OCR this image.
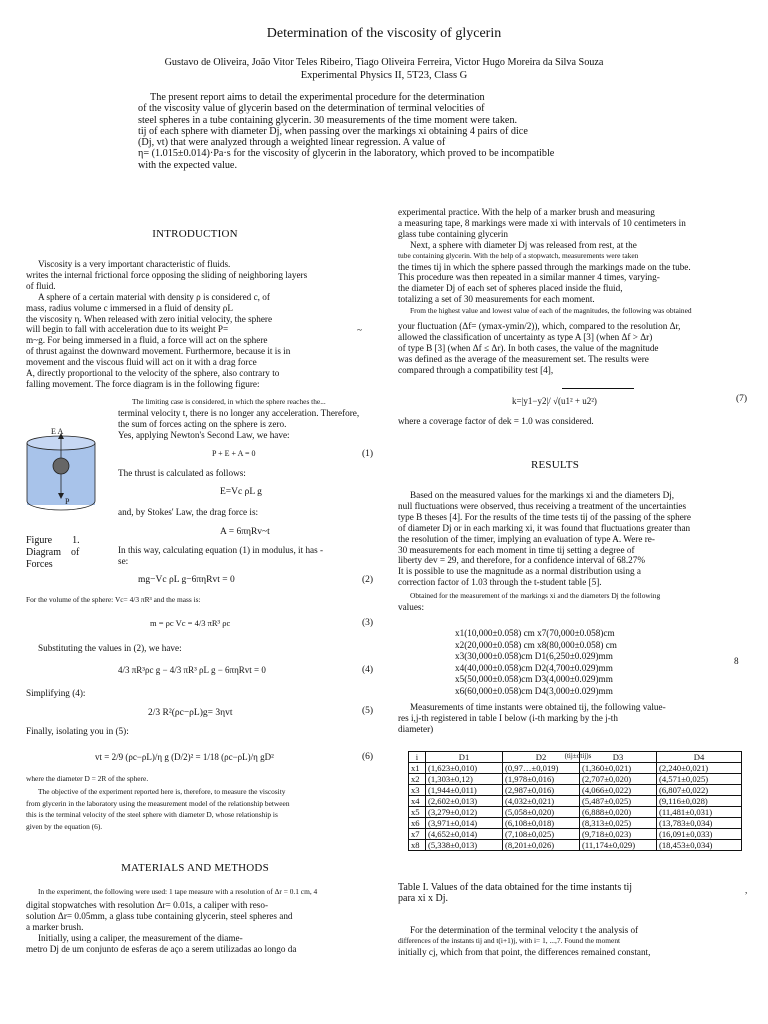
Determination of the viscosity of glycerin
Gustavo de Oliveira, João Vitor Teles Ribeiro, Tiago Oliveira Ferreira, Victor Hugo Moreira da Silva Souza
Experimental Physics II, 5T23, Class G

The present report aims to detail the experimental procedure for the determination

of the viscosity value of glycerin based on the determination of terminal velocities of

steel spheres in a tube containing glycerin. 30 measurements of the time moment were taken.

tij of each sphere with diameter Dj, when passing over the markings xi obtaining 4 pairs of dice

(Dj, vt) that were analyzed through a weighted linear regression. A value of

η= (1.015±0.014)·Pa·s for the viscosity of glycerin in the laboratory, which proved to be incompatible

with the expected value.

INTRODUCTION

Viscosity is a very important characteristic of fluids.

writes the internal frictional force opposing the sliding of neighboring layers

of fluid.

A sphere of a certain material with density ρ is considered c, of

mass, radius volume c immersed in a fluid of density ρL

the viscosity η. When released with zero initial velocity, the sphere

will begin to fall with acceleration due to its weight P=

m~g. For being immersed in a fluid, a force will act on the sphere

of thrust against the downward movement. Furthermore, because it is in

movement and the viscous fluid will act on it with a drag force

A, directly proportional to the velocity of the sphere, also contrary to

falling movement. The force diagram is in the following figure:

~
E A
P
Figure        1.
Diagram    of
Forces
The limiting case is considered, in which the sphere reaches the...

terminal velocity t, there is no longer any acceleration. Therefore,

the sum of forces acting on the sphere is zero.

Yes, applying Newton's Second Law, we have:

P + E + A = 0	(1)
The thrust is calculated as follows:
E=Vc ρL g
and, by Stokes' Law, the drag force is:
A = 6πηRv~t

In this way, calculating equation (1) in modulus, it has -

se:

mg−Vc ρL g−6πηRvt = 0	(2)
For the volume of the sphere: Vc= 4/3 πR³ and the mass is:
m = ρc Vc = 4/3 πR³ ρc	(3)
Substituting the values in (2), we have:
4/3 πR³ρc g − 4/3 πR³ ρL g − 6πηRvt = 0	(4)
Simplifying (4):
2/3 R²(ρc−ρL)g= 3ηvt	(5)
Finally, isolating you in (5):
vt = 2/9 (ρc−ρL)/η g (D/2)² = 1/18 (ρc−ρL)/η gD²	(6)
where the diameter D = 2R of the sphere.

The objective of the experiment reported here is, therefore, to measure the viscosity

from glycerin in the laboratory using the measurement model of the relationship between

this is the terminal velocity of the steel sphere with diameter D, whose relationship is

given by the equation (6).

MATERIALS AND METHODS

In the experiment, the following were used: 1 tape measure with a resolution of Δr = 0.1 cm, 4

digital stopwatches with resolution Δr= 0.01s, a caliper with reso-

solution Δr= 0.05mm, a glass tube containing glycerin, steel spheres and

a marker brush.

Initially, using a caliper, the measurement of the diame-

metro Dj de um conjunto de esferas de aço a serem utilizadas ao longo da

experimental practice. With the help of a marker brush and measuring

a measuring tape, 8 markings were made xi with intervals of 10 centimeters in

glass tube containing glycerin

Next, a sphere with diameter Dj was released from rest, at the

tube containing glycerin. With the help of a stopwatch, measurements were taken

the times tij in which the sphere passed through the markings made on the tube.

This procedure was then repeated in a similar manner 4 times, varying-

the diameter Dj of each set of spheres placed inside the fluid,

totalizing a set of 30 measurements for each moment.

From the highest value and lowest value of each of the magnitudes, the following was obtained

your fluctuation (Δf= (ymax-ymin/2)), which, compared to the resolution Δr,

allowed the classification of uncertainty as type A [3] (when Δf > Δr)

of type B [3] (when Δf ≤ Δr). In both cases, the value of the magnitude

was defined as the average of the measurement set. The results were

compared through a compatibility test [4],

k=|y1−y2|/ √(u1² + u2²)	(7)
where a coverage factor of dek = 1.0 was considered.
RESULTS

Based on the measured values for the markings xi and the diameters Dj,

null fluctuations were observed, thus receiving a treatment of the uncertainties

type B theses [4]. For the results of the time tests tij of the passing of the sphere

of diameter Dj or in each marking xi, it was found that fluctuations greater than

the resolution of the timer, implying an evaluation of type A. Were re-

30 measurements for each moment in time tij setting a degree of

liberty dev = 29, and therefore, for a confidence interval of 68.27%

It is possible to use the magnitude as a normal distribution using a

correction factor of 1.03 through the t-student table [5].

Obtained for the measurement of the markings xi and the diameters Dj the following

values:

x1(10,000±0.058) cm x7(70,000±0.058)cm

x2(20,000±0.058) cm x8(80,000±0.058) cm

x3(30,000±0.058)cm D1(6,250±0.029)mm

x4(40,000±0.058)cm D2(4,700±0.029)mm

x5(50,000±0.058)cm D3(4,000±0.029)mm

x6(60,000±0.058)cm D4(3,000±0.029)mm

8

Measurements of time instants were obtained tij, the following value-

res i,j-th registered in table I below (i-th marking by the j-th

diameter)

(tij±σtij)s
i	D1	D2	D3	D4
x1	(1,623±0,010)	(0,97…±0,019)	(1,360±0,021)	(2,240±0,021)
x2	(1,303±0,12)	(1,978±0,016)	(2,707±0,020)	(4,571±0,025)
x3	(1,944±0,011)	(2,987±0,016)	(4,066±0,022)	(6,807±0,022)
x4	(2,602±0,013)	(4,032±0,021)	(5,487±0,025)	(9,116±0,028)
x5	(3,279±0,012)	(5,058±0,020)	(6,888±0,020)	(11,481±0,031)
x6	(3,971±0,014)	(6,108±0,018)	(8,313±0,025)	(13,783±0,034)
x7	(4,652±0,014)	(7,108±0,025)	(9,718±0,023)	(16,091±0,033)
x8	(5,338±0,013)	(8,201±0,026)	(11,174±0,029)	(18,453±0,034)

Table I. Values of the data obtained for the time instants tij

para xi x Dj.

,

For the determination of the terminal velocity t the analysis of

differences of the instants tij and t(i+1)j, with i= 1, ...,7. Found the moment

initially cj, which from that point, the differences remained constant,
